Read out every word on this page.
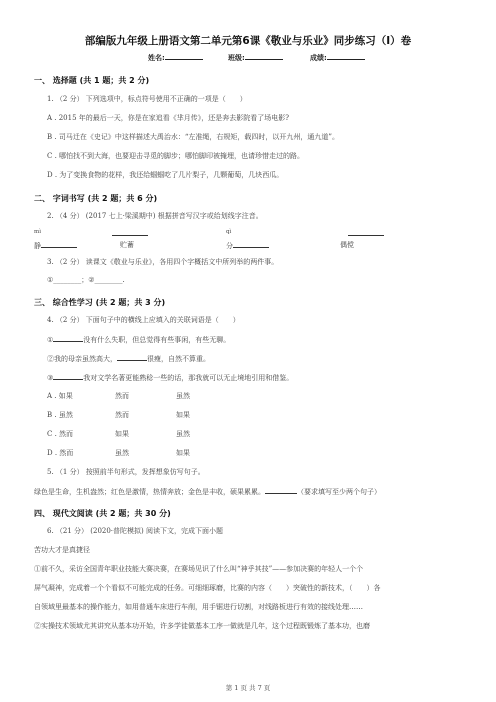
部编版九年级上册语文第二单元第6课《敬业与乐业》同步练习（I）卷
姓名:	班级:	成绩:
一、 选择题 (共 1 题；共 2 分)
1. （2 分） 下列选项中，标点符号使用不正确的一项是（　　）
A . 2015 年的最后一天，你是在家追看《芈月传》，还是奔去影院看了场电影?
B . 司马迁在《史记》中这样描述大禹治水：“左准绳，右规矩，载四时，以开九州，通九道”。
C . 哪怕找不到大海，也要迎击寻觅的脚步；哪怕脚印被掩埋，也请珍惜走过的路。
D . 为了变换食物的花样，我还给蝈蝈吃了几片梨子，几颗葡萄，几块西瓜。
二、 字词书写 (共 2 题；共 6 分)
2. （4 分） (2017 七上·梁溪期中) 根据拼音写汉字或给划线字注音。
mì	qì
静	贮蓄	分	偶傥
3. （2 分） 读课文《敬业与乐业》，各用四个字概括文中所列举的两件事。
①________；②________.
三、 综合性学习 (共 2 题；共 3 分)
4. （2 分） 下面句子中的横线上应填入的关联词语是（　　）
①	没有什么失职，但总觉得有些事闲，有些无聊。
②我的母亲虽然高大，	很瘦，自然不算重。
③	我对文学名著更能熟稔一些的话，那我就可以无止境地引用和借鉴。
A . 如果	然而	虽然
B . 虽然	然而	如果
C . 然而	如果	虽然
D . 然而	虽然	如果
5. （1 分） 按照前半句形式，发挥想象仿写句子。
绿色是生命，生机盎然；红色是激情，热情奔放；金色是丰收，硕果累累。	（要求填写至少两个句子）
四、 现代文阅读 (共 2 题；共 30 分)
6. （21 分） (2020·普陀模拟) 阅读下文，完成下面小题
苦功大才是真捷径
①前不久，采访全国青年职业技能大赛决赛，在赛场见识了什么叫“神乎其技”——参加决赛的年轻人一个个
屏气凝神，完成着一个个看似不可能完成的任务。可细细琢磨，比赛的内容（　　）突破性的新技术，（　　）各
自领域里最基本的操作能力，如用普通车床进行车削，用手锯进行切割，对线路板进行有效的接线处理……
②实操技术领域尤其讲究从基本功开始，许多学徒做基本工序一做就是几年，这个过程既锻炼了基本功，也磨
第 1 页 共 7 页
